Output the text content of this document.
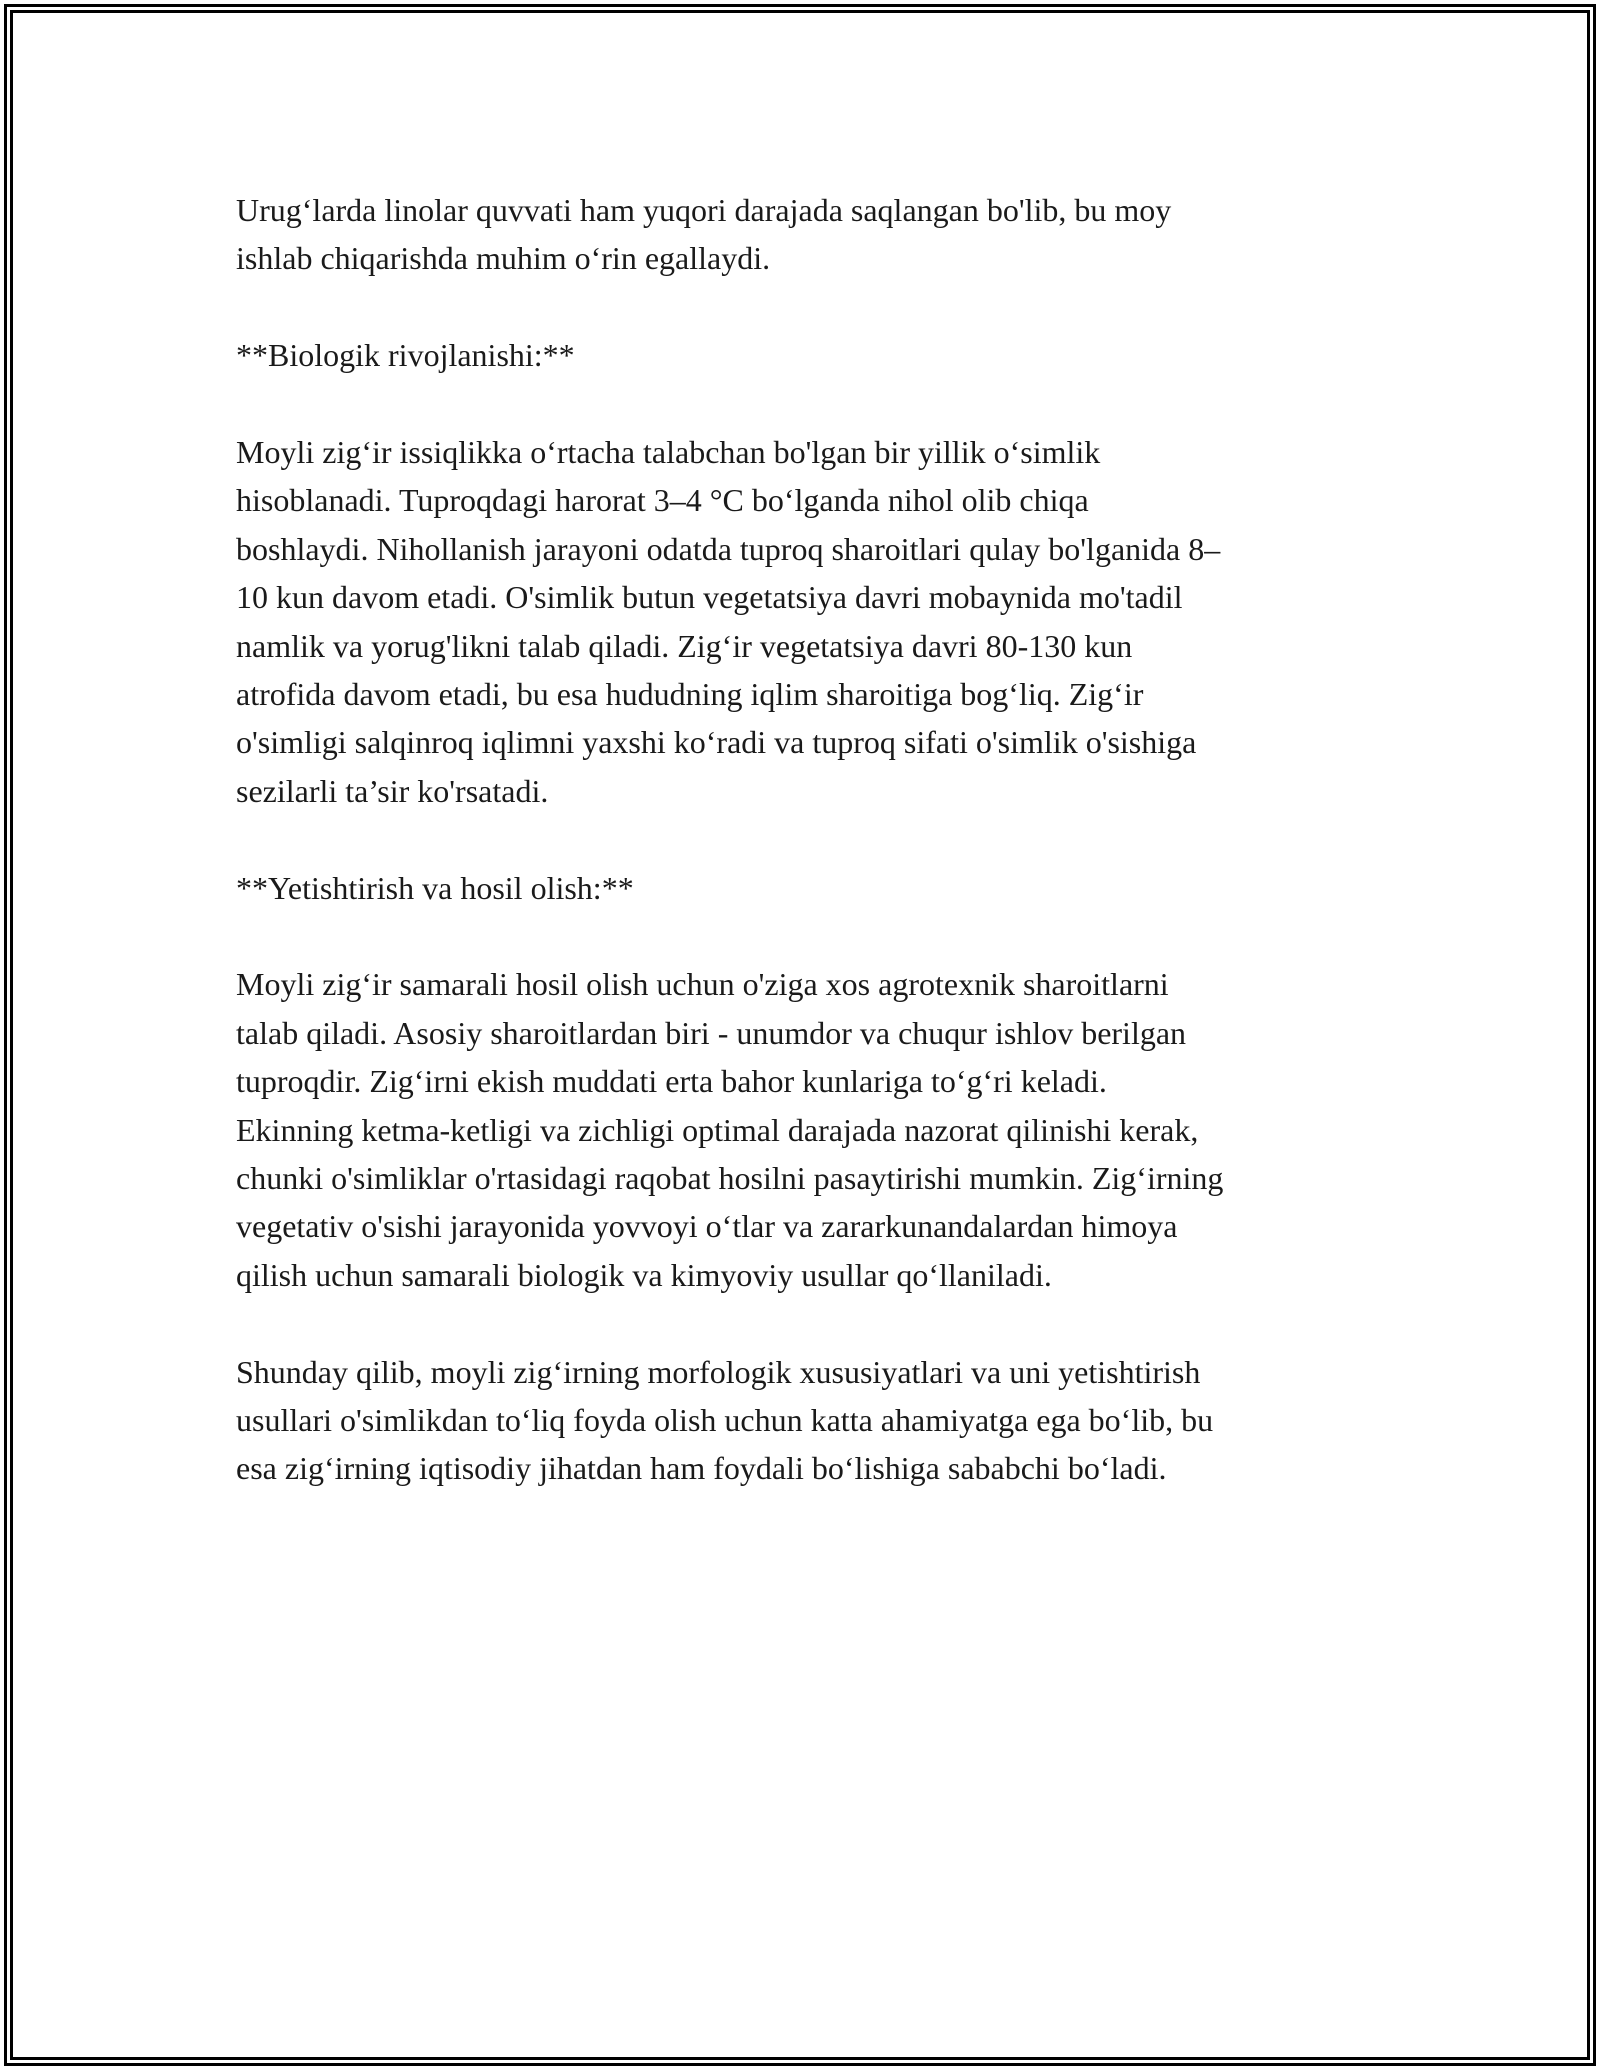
Urug‘larda linolar quvvati ham yuqori darajada saqlangan bo'lib, bu moy
ishlab chiqarishda muhim o‘rin egallaydi.

**Biologik rivojlanishi:**

Moyli zig‘ir issiqlikka o‘rtacha talabchan bo'lgan bir yillik o‘simlik
hisoblanadi. Tuproqdagi harorat 3–4 °C bo‘lganda nihol olib chiqa
boshlaydi. Nihollanish jarayoni odatda tuproq sharoitlari qulay bo'lganida 8–
10 kun davom etadi. O'simlik butun vegetatsiya davri mobaynida mo'tadil
namlik va yorug'likni talab qiladi. Zig‘ir vegetatsiya davri 80-130 kun
atrofida davom etadi, bu esa hududning iqlim sharoitiga bog‘liq. Zig‘ir
o'simligi salqinroq iqlimni yaxshi ko‘radi va tuproq sifati o'simlik o'sishiga
sezilarli ta’sir ko'rsatadi.

**Yetishtirish va hosil olish:**

Moyli zig‘ir samarali hosil olish uchun o'ziga xos agrotexnik sharoitlarni
talab qiladi. Asosiy sharoitlardan biri - unumdor va chuqur ishlov berilgan
tuproqdir. Zig‘irni ekish muddati erta bahor kunlariga to‘g‘ri keladi.
Ekinning ketma-ketligi va zichligi optimal darajada nazorat qilinishi kerak,
chunki o'simliklar o'rtasidagi raqobat hosilni pasaytirishi mumkin. Zig‘irning
vegetativ o'sishi jarayonida yovvoyi o‘tlar va zararkunandalardan himoya
qilish uchun samarali biologik va kimyoviy usullar qo‘llaniladi.

Shunday qilib, moyli zig‘irning morfologik xususiyatlari va uni yetishtirish
usullari o'simlikdan to‘liq foyda olish uchun katta ahamiyatga ega bo‘lib, bu
esa zig‘irning iqtisodiy jihatdan ham foydali bo‘lishiga sababchi bo‘ladi.
